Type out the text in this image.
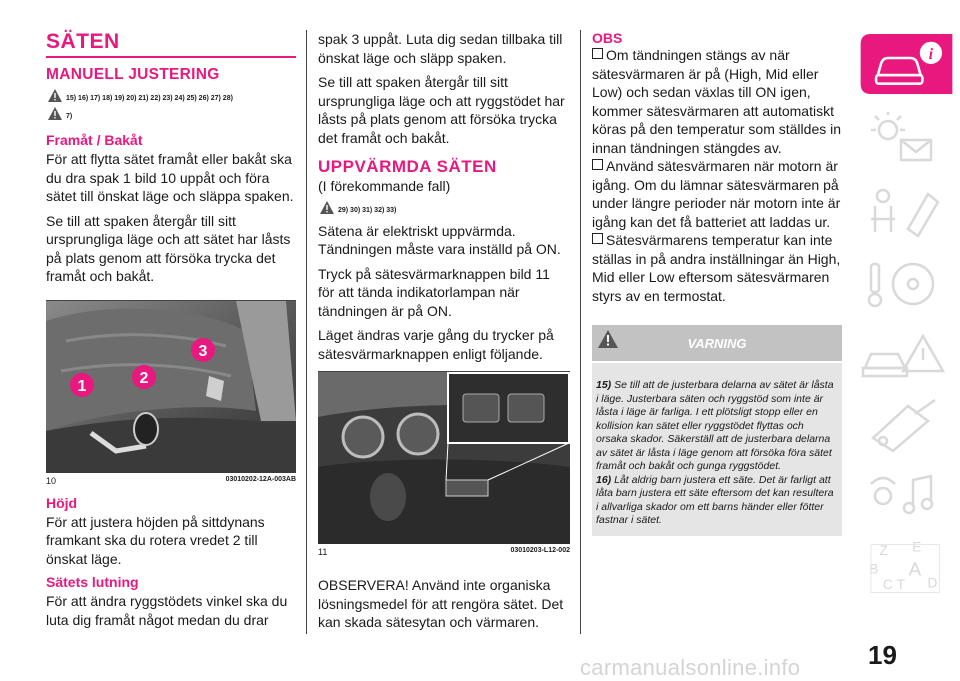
SÄTEN
MANUELL JUSTERING
15) 16) 17) 18) 19) 20) 21) 22) 23) 24) 25) 26) 27) 28)
7)
Framåt / Bakåt

För att flytta sätet framåt eller bakåt ska du dra spak 1 bild 10 uppåt och föra sätet till önskat läge och släppa spaken.

Se till att spaken återgår till sitt ursprungliga läge och att sätet har låsts på plats genom att försöka trycka det framåt och bakåt.

1	2
3
10	03010202-12A-003AB
Höjd

För att justera höjden på sittdynans framkant ska du rotera vredet 2 till önskat läge.

Sätets lutning

För att ändra ryggstödets vinkel ska du luta dig framåt något medan du drar

spak 3 uppåt. Luta dig sedan tillbaka till önskat läge och släpp spaken.

Se till att spaken återgår till sitt ursprungliga läge och att ryggstödet har låsts på plats genom att försöka trycka det framåt och bakåt.

UPPVÄRMDA SÄTEN

(I förekommande fall)

29) 30) 31) 32) 33)

Sätena är elektriskt uppvärmda. Tändningen måste vara inställd på ON.

Tryck på sätesvärmarknappen bild 11 för att tända indikatorlampan när tändningen är på ON.

Läget ändras varje gång du trycker på sätesvärmarknappen enligt följande.

11	03010203-L12-002

OBSERVERA! Använd inte organiska lösningsmedel för att rengöra sätet. Det kan skada sätesytan och värmaren.

OBS

Om tändningen stängs av när sätesvärmaren är på (High, Mid eller Low) och sedan växlas till ON igen, kommer sätesvärmaren att automatiskt köras på den temperatur som ställdes in innan tändningen stängdes av.

Använd sätesvärmaren när motorn är igång. Om du lämnar sätesvärmaren på under längre perioder när motorn inte är igång kan det få batteriet att laddas ur.

Sätesvärmarens temperatur kan inte ställas in på andra inställningar än High, Mid eller Low eftersom sätesvärmaren styrs av en termostat.

VARNING
15) Se till att de justerbara delarna av sätet är låsta i läge. Justerbara säten och ryggstöd som inte är låsta i läge är farliga. I ett plötsligt stopp eller en kollision kan sätet eller ryggstödet flyttas och orsaka skador. Säkerställ att de justerbara delarna av sätet är låsta i läge genom att försöka föra sätet framåt och bakåt och gunga ryggstödet.
16) Låt aldrig barn justera ett säte. Det är farligt att låta barn justera ett säte eftersom det kan resultera i allvarliga skador om ett barns händer eller fötter fastnar i sätet.
i
Z E
B A
C T D
19
carmanualsonline.info
